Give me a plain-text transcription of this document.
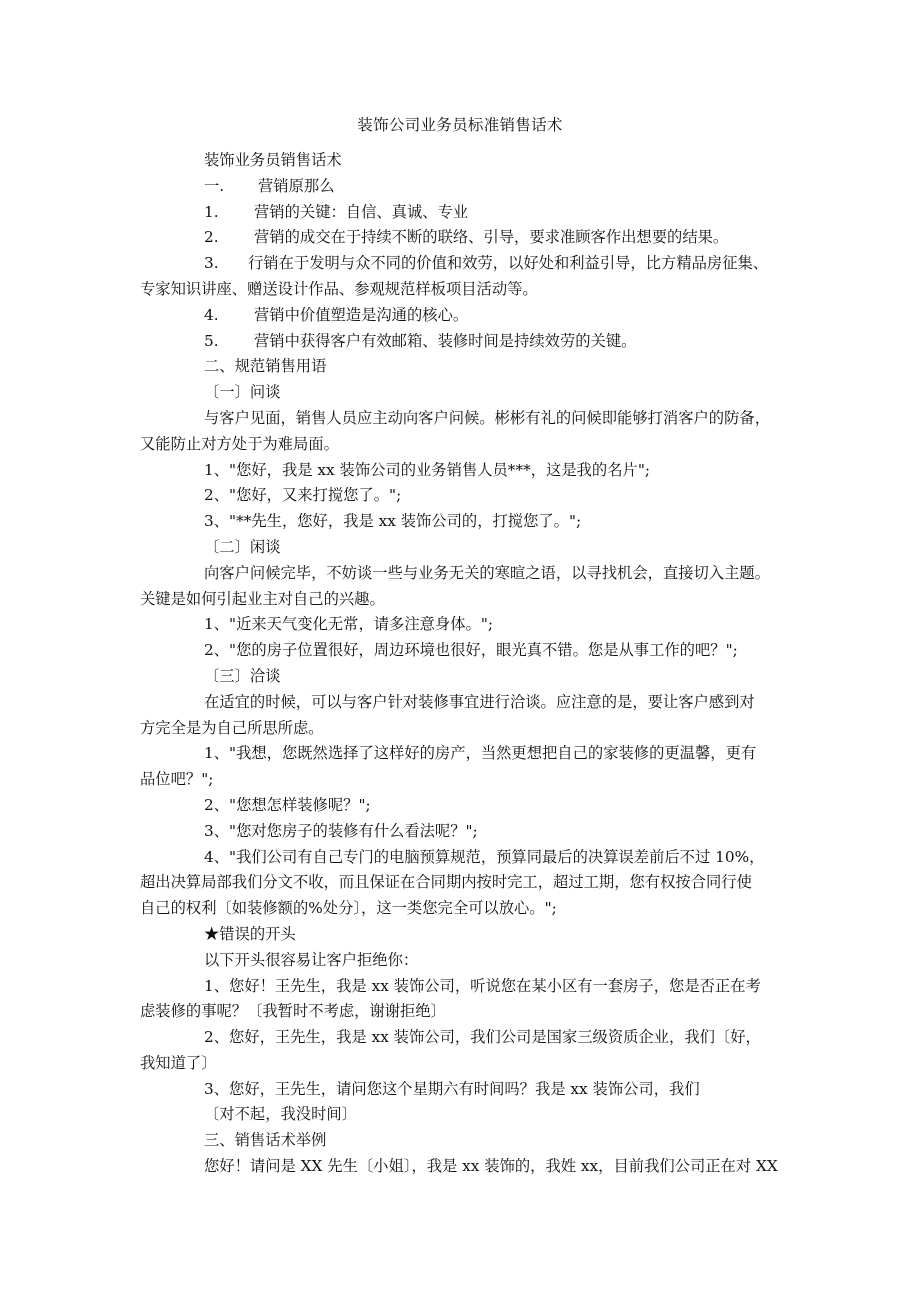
装饰公司业务员标准销售话术
装饰业务员销售话术
一. 营销原那么
1. 营销的关键：自信、真诚、专业
2. 营销的成交在于持续不断的联络、引导，要求准顾客作出想要的结果。
3. 行销在于发明与众不同的价值和效劳，以好处和利益引导，比方精品房征集、
专家知识讲座、赠送设计作品、参观规范样板项目活动等。
4. 营销中价值塑造是沟通的核心。
5. 营销中获得客户有效邮箱、装修时间是持续效劳的关键。
二、规范销售用语
〔一〕问谈
与客户见面，销售人员应主动向客户问候。彬彬有礼的问候即能够打消客户的防备，
又能防止对方处于为难局面。
1、"您好，我是 xx 装饰公司的业务销售人员***，这是我的名片";
2、"您好，又来打搅您了。";
3、"**先生，您好，我是 xx 装饰公司的，打搅您了。";
〔二〕闲谈
向客户问候完毕，不妨谈一些与业务无关的寒暄之语，以寻找机会，直接切入主题。
关键是如何引起业主对自己的兴趣。
1、"近来天气变化无常，请多注意身体。";
2、"您的房子位置很好，周边环境也很好，眼光真不错。您是从事工作的吧？";
〔三〕洽谈
在适宜的时候，可以与客户针对装修事宜进行洽谈。应注意的是，要让客户感到对
方完全是为自己所思所虑。
1、"我想，您既然选择了这样好的房产，当然更想把自己的家装修的更温馨，更有
品位吧？";
2、"您想怎样装修呢？";
3、"您对您房子的装修有什么看法呢？";
4、"我们公司有自己专门的电脑预算规范，预算同最后的决算误差前后不过 10%，
超出决算局部我们分文不收，而且保证在合同期内按时完工，超过工期，您有权按合同行使
自己的权利〔如装修额的%处分〕，这一类您完全可以放心。";
★错误的开头
以下开头很容易让客户拒绝你：
1、您好！王先生，我是 xx 装饰公司，听说您在某小区有一套房子，您是否正在考
虑装修的事呢？〔我暂时不考虑，谢谢拒绝〕
2、您好，王先生，我是 xx 装饰公司，我们公司是国家三级资质企业，我们〔好，
我知道了〕
3、您好，王先生，请问您这个星期六有时间吗？我是 xx 装饰公司，我们
〔对不起，我没时间〕
三、销售话术举例
您好！请问是 XX 先生〔小姐〕，我是 xx 装饰的，我姓 xx，目前我们公司正在对 XX
